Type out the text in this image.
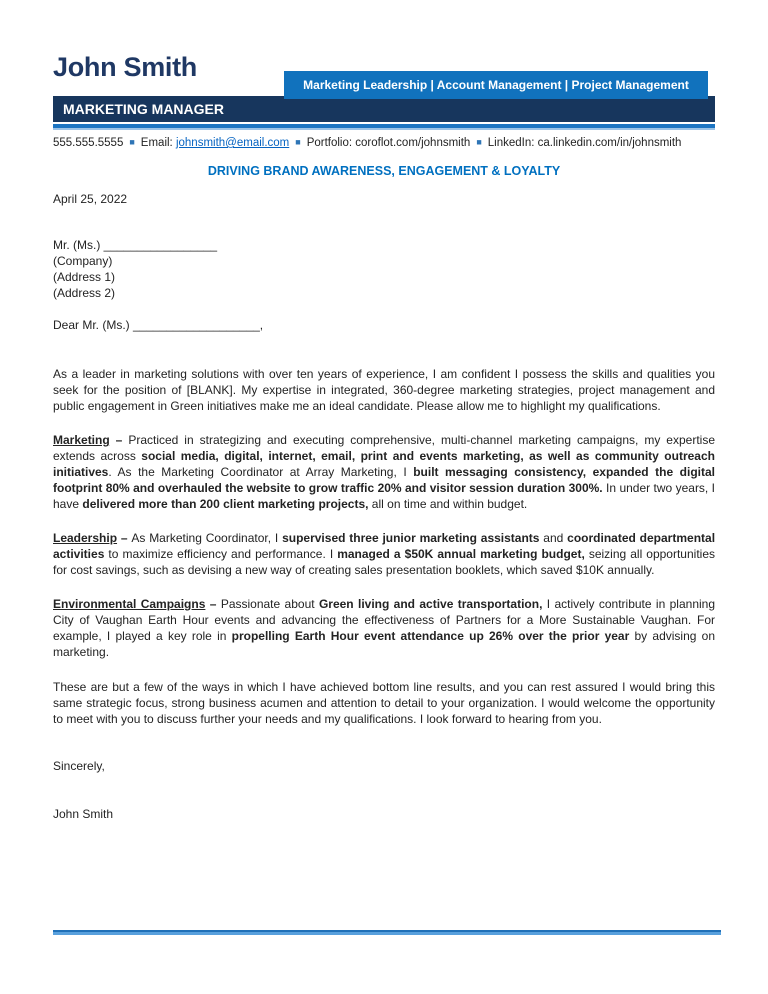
John Smith
Marketing Leadership | Account Management | Project Management
MARKETING MANAGER
555.555.5555 ■ Email: johnsmith@email.com ■ Portfolio: coroflot.com/johnsmith ■ LinkedIn: ca.linkedin.com/in/johnsmith
DRIVING BRAND AWARENESS, ENGAGEMENT & LOYALTY
April 25, 2022
Mr. (Ms.) _________________
(Company)
(Address 1)
(Address 2)
Dear Mr. (Ms.) ___________________,

As a leader in marketing solutions with over ten years of experience, I am confident I possess the skills and qualities you seek for the position of [BLANK]. My expertise in integrated, 360-degree marketing strategies, project management and public engagement in Green initiatives make me an ideal candidate. Please allow me to highlight my qualifications.

Marketing – Practiced in strategizing and executing comprehensive, multi-channel marketing campaigns, my expertise extends across social media, digital, internet, email, print and events marketing, as well as community outreach initiatives. As the Marketing Coordinator at Array Marketing, I built messaging consistency, expanded the digital footprint 80% and overhauled the website to grow traffic 20% and visitor session duration 300%. In under two years, I have delivered more than 200 client marketing projects, all on time and within budget.

Leadership – As Marketing Coordinator, I supervised three junior marketing assistants and coordinated departmental activities to maximize efficiency and performance. I managed a $50K annual marketing budget, seizing all opportunities for cost savings, such as devising a new way of creating sales presentation booklets, which saved $10K annually.

Environmental Campaigns – Passionate about Green living and active transportation, I actively contribute in planning City of Vaughan Earth Hour events and advancing the effectiveness of Partners for a More Sustainable Vaughan. For example, I played a key role in propelling Earth Hour event attendance up 26% over the prior year by advising on marketing.

These are but a few of the ways in which I have achieved bottom line results, and you can rest assured I would bring this same strategic focus, strong business acumen and attention to detail to your organization. I would welcome the opportunity to meet with you to discuss further your needs and my qualifications. I look forward to hearing from you.

Sincerely,
John Smith
